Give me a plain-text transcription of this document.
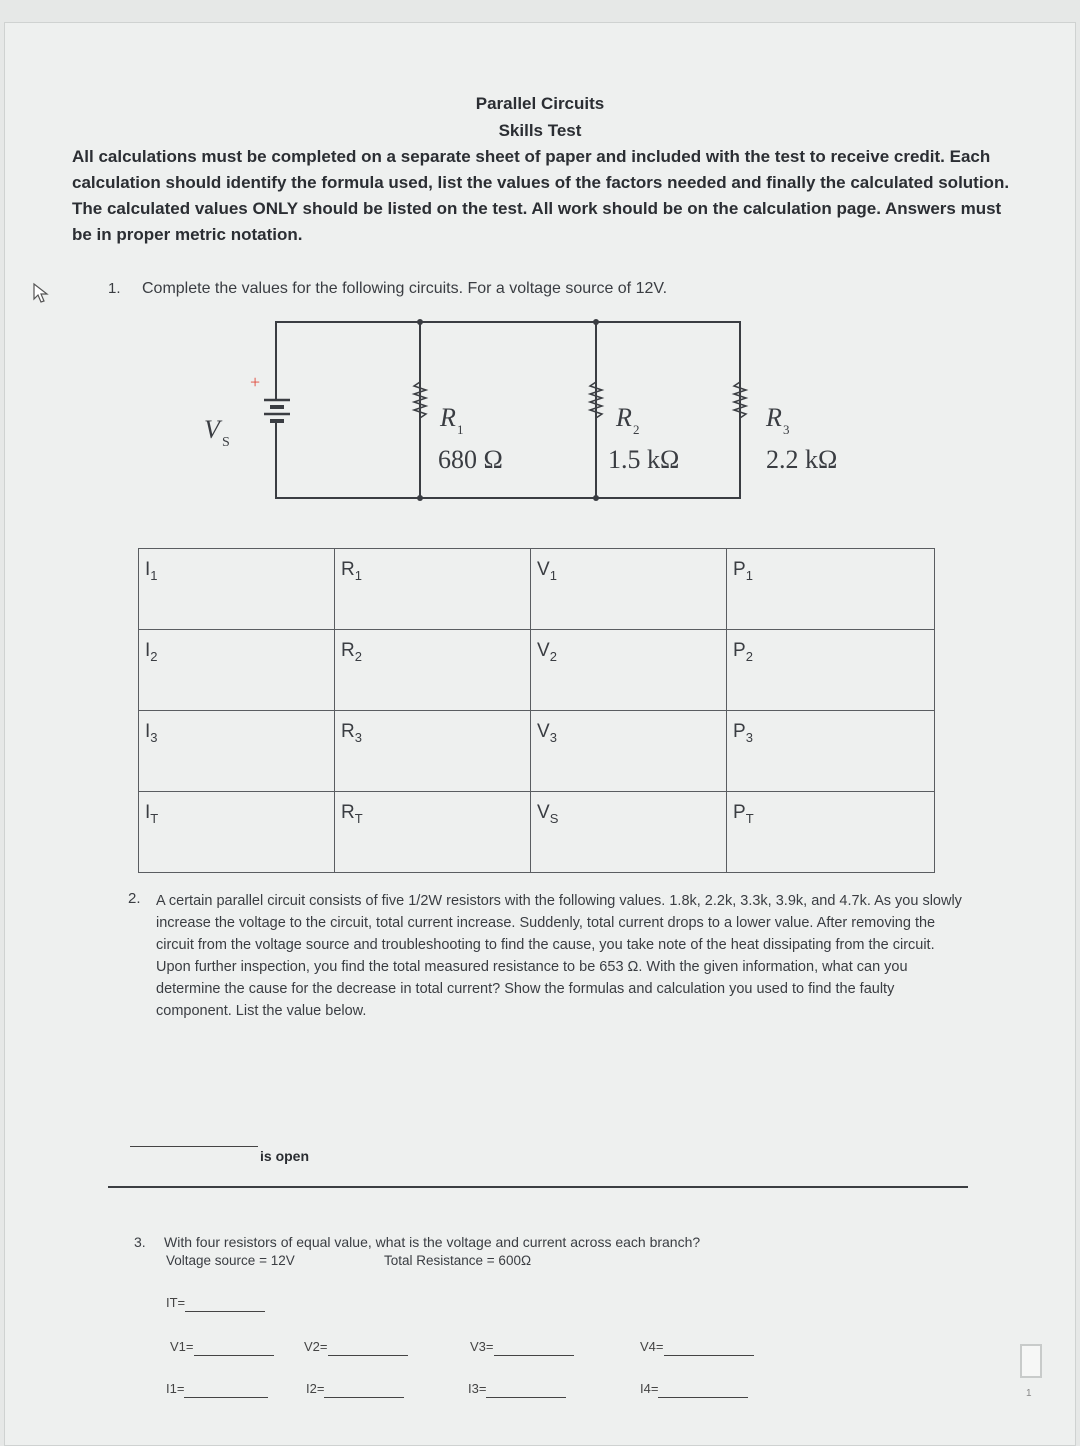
Parallel Circuits
Skills Test
All calculations must be completed on a separate sheet of paper and included with the test to receive credit. Each calculation should identify the formula used, list the values of the factors needed and finally the calculated solution. The calculated values ONLY should be listed on the test. All work should be on the calculation page. Answers must be in proper metric notation.
1. Complete the values for the following circuits. For a voltage source of 12V.
+
V S
R 1
680 Ω
R 2
1.5 kΩ
R 3
2.2 kΩ
$I_1$	$R_1$	$V_1$	$P_1$
$I_2$	$R_2$	$V_2$	$P_2$
$I_3$	$R_3$	$V_3$	$P_3$
$I_T$	$R_T$	$V_S$	$P_T$
2. A certain parallel circuit consists of five 1/2W resistors with the following values. 1.8k, 2.2k, 3.3k, 3.9k, and 4.7k. As you slowly increase the voltage to the circuit, total current increase. Suddenly, total current drops to a lower value. After removing the circuit from the voltage source and troubleshooting to find the cause, you take note of the heat dissipating from the circuit. Upon further inspection, you find the total measured resistance to be 653 Ω. With the given information, what can you determine the cause for the decrease in total current? Show the formulas and calculation you used to find the faulty component. List the value below.
is open
3. With four resistors of equal value, what is the voltage and current across each branch?
Voltage source = 12V	Total Resistance = 600Ω
IT=
V1=	V2=	V3=	V4=
I1=	I2=	I3=	I4=	1
